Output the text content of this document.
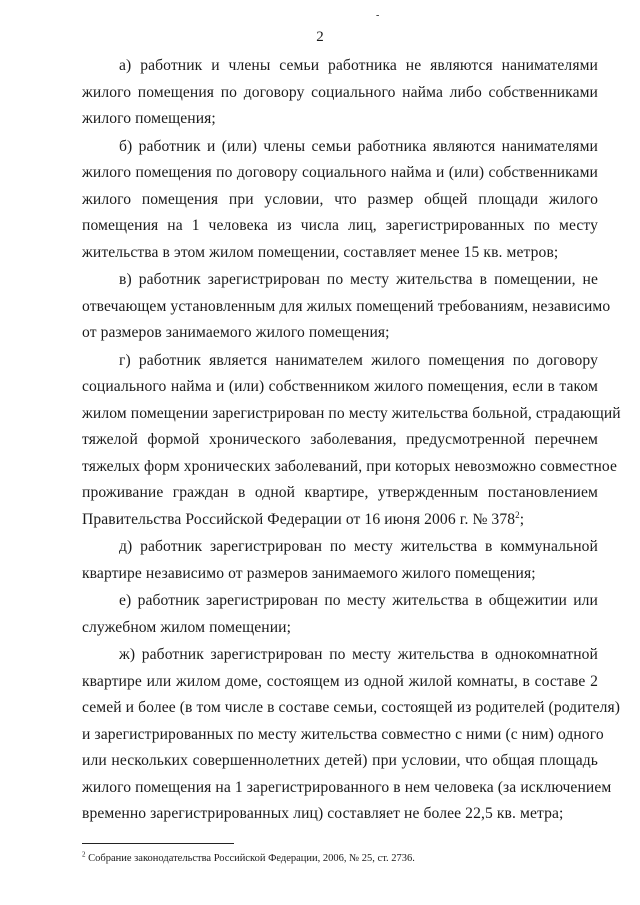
-
2

а) работник и члены семьи работника не являются нанимателями
жилого помещения по договору социального найма либо собственниками
жилого помещения;

б) работник и (или) члены семьи работника являются нанимателями
жилого помещения по договору социального найма и (или) собственниками
жилого помещения при условии, что размер общей площади жилого
помещения на 1 человека из числа лиц, зарегистрированных по месту
жительства в этом жилом помещении, составляет менее 15 кв. метров;

в) работник зарегистрирован по месту жительства в помещении, не
отвечающем установленным для жилых помещений требованиям, независимо
от размеров занимаемого жилого помещения;

г) работник является нанимателем жилого помещения по договору
социального найма и (или) собственником жилого помещения, если в таком
жилом помещении зарегистрирован по месту жительства больной, страдающий
тяжелой формой хронического заболевания, предусмотренной перечнем
тяжелых форм хронических заболеваний, при которых невозможно совместное
проживание граждан в одной квартире, утвержденным постановлением
Правительства Российской Федерации от 16 июня 2006 г. № $378^2$;

д) работник зарегистрирован по месту жительства в коммунальной
квартире независимо от размеров занимаемого жилого помещения;

е) работник зарегистрирован по месту жительства в общежитии или
служебном жилом помещении;

ж) работник зарегистрирован по месту жительства в однокомнатной
квартире или жилом доме, состоящем из одной жилой комнаты, в составе 2
семей и более (в том числе в составе семьи, состоящей из родителей (родителя)
и зарегистрированных по месту жительства совместно с ними (с ним) одного
или нескольких совершеннолетних детей) при условии, что общая площадь
жилого помещения на 1 зарегистрированного в нем человека (за исключением
временно зарегистрированных лиц) составляет не более 22,5 кв. метра;

$^2$ Собрание законодательства Российской Федерации, 2006, № 25, ст. 2736.
